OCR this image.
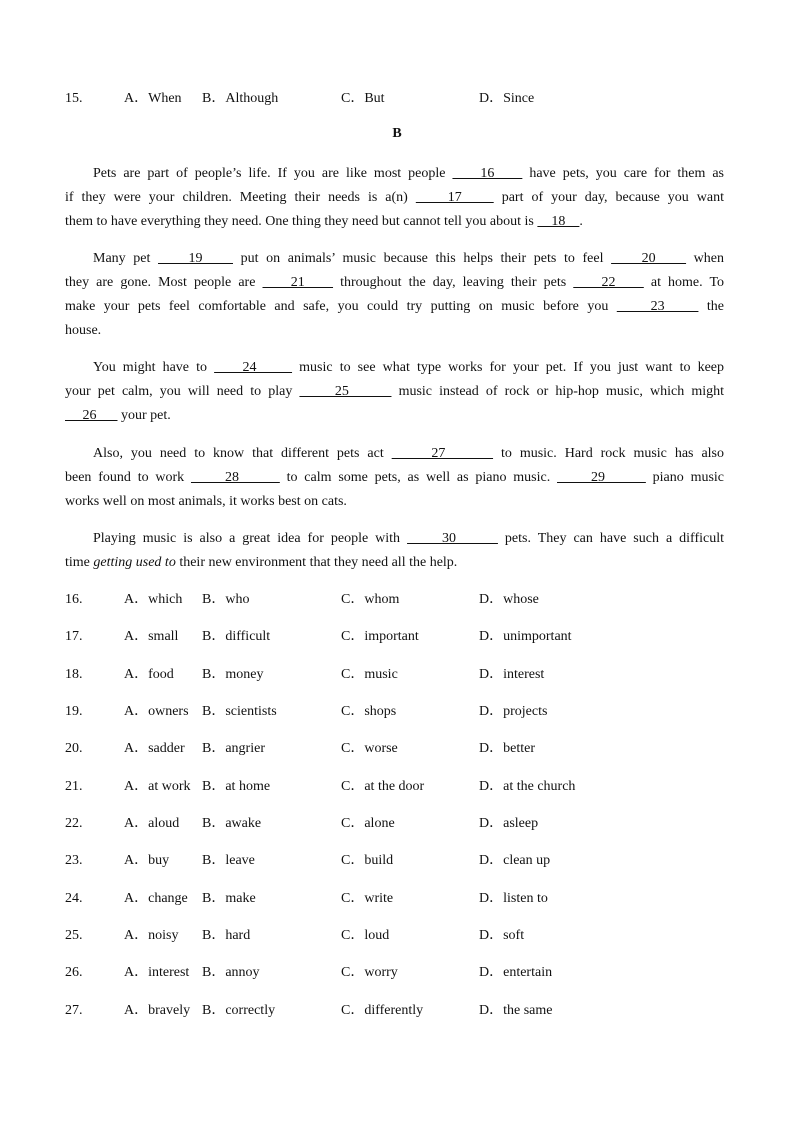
15.	A．When B．Although	C．But	D．Since
B

Pets are part of people’s life. If you are like most people     16     have pets, you care for them as

if they were your children. Meeting their needs is a(n)     17     part of your day, because you want

them to have everything they need. One thing they need but cannot tell you about is     18    .

Many pet     19     put on animals’ music because this helps their pets to feel     20     when

they are gone. Most people are     21     throughout the day, leaving their pets     22     at home. To

make your pets feel comfortable and safe, you could try putting on music before you     23     the

house.

You might have to     24      music to see what type works for your pet. If you just want to keep

your pet calm, you will need to play      25       music instead of rock or hip-hop music, which might

26       your pet.

Also, you need to know that different pets act      27       to music. Hard rock music has also

been found to work      28       to calm some pets, as well as piano music.      29       piano music

works well on most animals, it works best on cats.

Playing music is also a great idea for people with      30       pets. They can have such a difficult

time getting used to their new environment that they need all the help.

16.	A．which B．who	C．whom	D．whose
17.	A．small B．difficult	C．important	D．unimportant
18.	A．food B．money	C．music	D．interest
19.	A．owners B．scientists	C．shops	D．projects
20.	A．sadder B．angrier	C．worse	D．better
21.	A．at work B．at home	C．at the door	D．at the church
22.	A．aloud B．awake	C．alone	D．asleep
23.	A．buy B．leave	C．build	D．clean up
24.	A．change B．make	C．write	D．listen to
25.	A．noisy B．hard	C．loud	D．soft
26.	A．interest B．annoy	C．worry	D．entertain
27.	A．bravely B．correctly	C．differently	D．the same
